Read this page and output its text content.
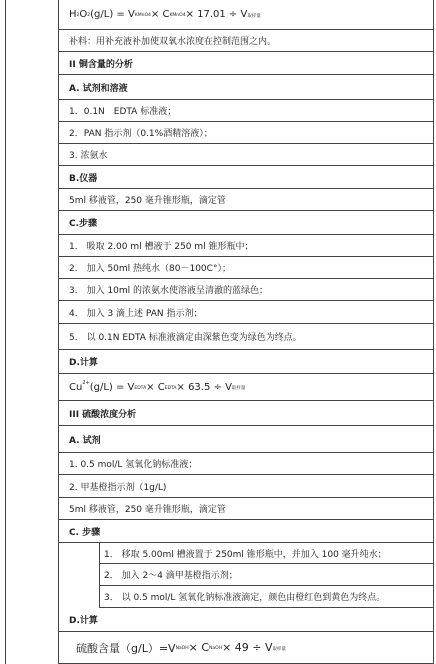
H 2 O 2 (g/L) = V KMnO4 × C KMnO4 × 17.01 ÷ V 取样量
补料：用补充液补加使双氧水浓度在控制范围之内。
II 铜含量的分析
A. 试剂和溶液
1．0.1N　EDTA 标准液；
2．PAN 指示剂（0.1%酒精溶液）；
3. 浓氨水
B.仪器
5ml 移液管，250 毫升锥形瓶，滴定管
C.步骤
1． 吸取 2.00 ml 槽液于 250 ml 锥形瓶中；
2． 加入 50ml 热纯水（80－100C°）；
3． 加入 10ml 的浓氨水使溶液呈清澈的蓝绿色；
4． 加入 3 滴上述 PAN 指示剂；
5． 以 0.1N EDTA 标准液滴定由深紫色变为绿色为终点。
D.计算
Cu 2+ (g/L) = V EDTA × C EDTA × 63.5 ÷ V 取样量
III 硫酸浓度分析
A. 试剂
1. 0.5 mol/L 氢氧化钠标准液；
2. 甲基橙指示剂（1g/L)
5ml 移液管，250 毫升锥形瓶，滴定管
C. 步骤
1． 移取 5.00ml 槽液置于 250ml 锥形瓶中，并加入 100 毫升纯水；
2． 加入 2～4 滴甲基橙指示剂；
3． 以 0.5 mol/L 氢氧化钠标准液滴定，颜色由橙红色到黄色为终点。
D.计算
硫酸含量（g/L）=V NaOH × C NaOH × 49 ÷ V 取样量
